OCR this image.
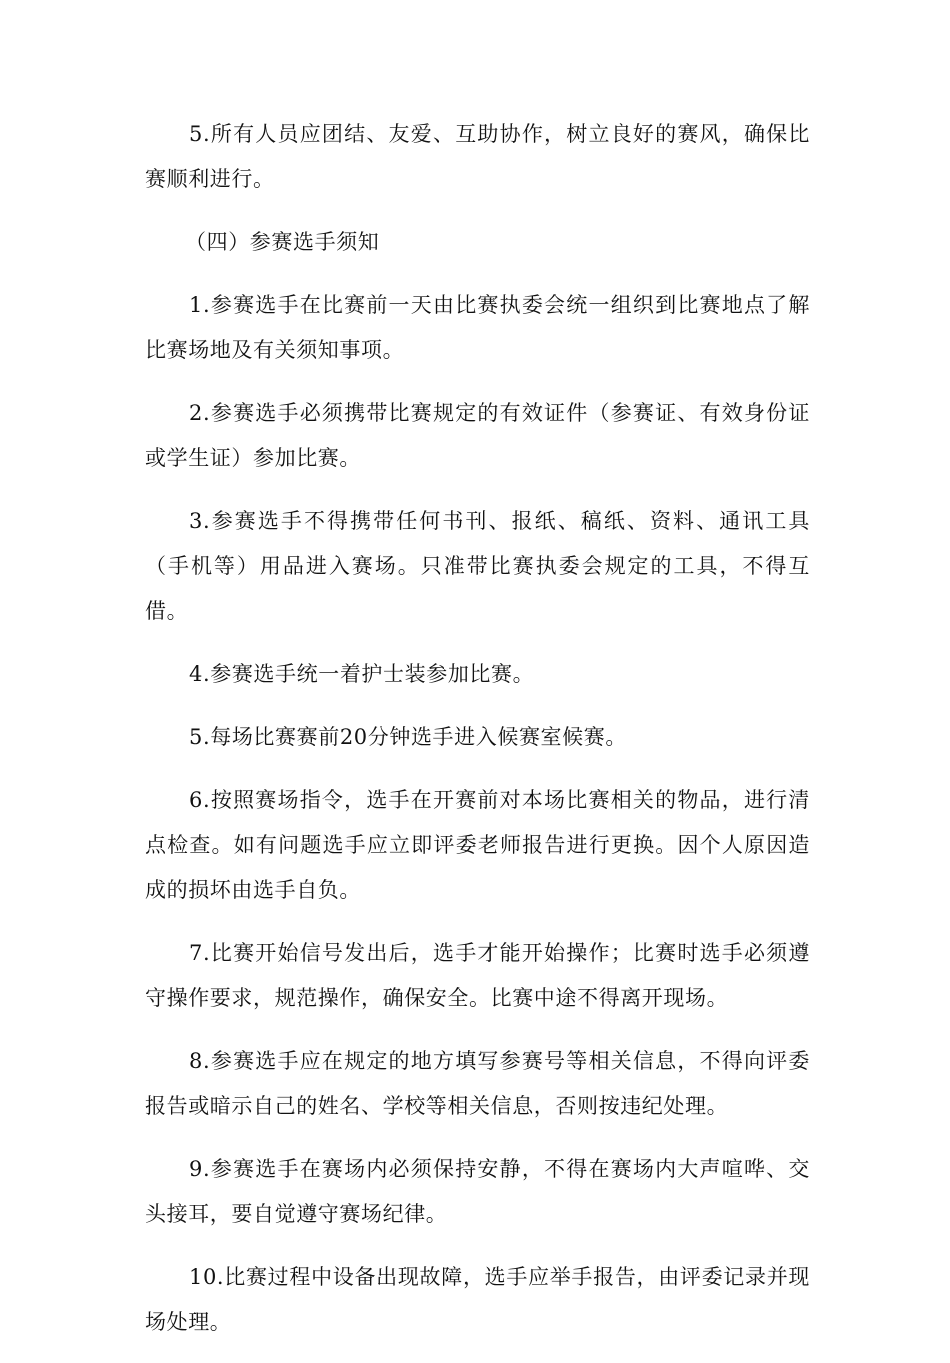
5.所有人员应团结、友爱、互助协作，树立良好的赛风，确保比赛顺利进行。

（四）参赛选手须知

1.参赛选手在比赛前一天由比赛执委会统一组织到比赛地点了解比赛场地及有关须知事项。

2.参赛选手必须携带比赛规定的有效证件（参赛证、有效身份证或学生证）参加比赛。

3.参赛选手不得携带任何书刊、报纸、稿纸、资料、通讯工具（手机等）用品进入赛场。只准带比赛执委会规定的工具，不得互借。

4.参赛选手统一着护士装参加比赛。

5.每场比赛赛前20分钟选手进入候赛室候赛。

6.按照赛场指令，选手在开赛前对本场比赛相关的物品，进行清点检查。如有问题选手应立即评委老师报告进行更换。因个人原因造成的损坏由选手自负。

7.比赛开始信号发出后，选手才能开始操作；比赛时选手必须遵守操作要求，规范操作，确保安全。比赛中途不得离开现场。

8.参赛选手应在规定的地方填写参赛号等相关信息，不得向评委报告或暗示自己的姓名、学校等相关信息，否则按违纪处理。

9.参赛选手在赛场内必须保持安静，不得在赛场内大声喧哗、交头接耳，要自觉遵守赛场纪律。

10.比赛过程中设备出现故障，选手应举手报告，由评委记录并现场处理。
